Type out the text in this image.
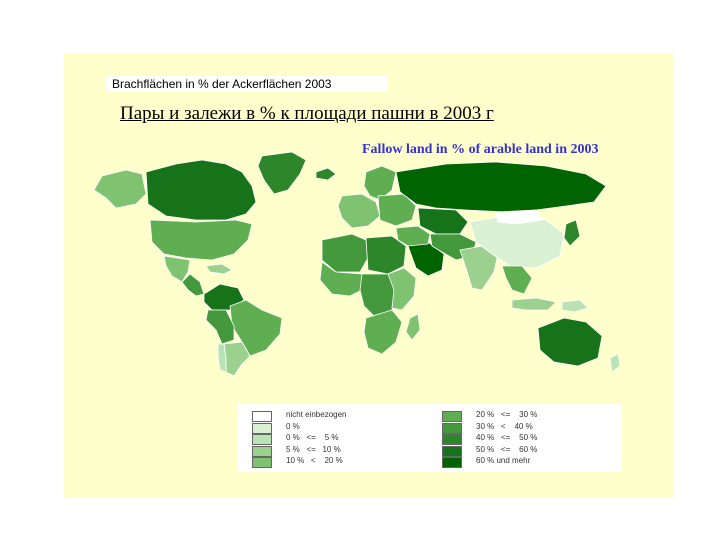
Brachflächen in % der Ackerflächen 2003
Пары и залежи в % к площади пашни в 2003 г
Fallow land in % of arable land in 2003
nicht einbezogen
0 %
0 %   <=    5 %
5 %   <=   10 %
10 %   <    20 %
20 %   <=    30 %
30 %   <    40 %
40 %   <=    50 %
50 %   <=    60 %
60 % und mehr
